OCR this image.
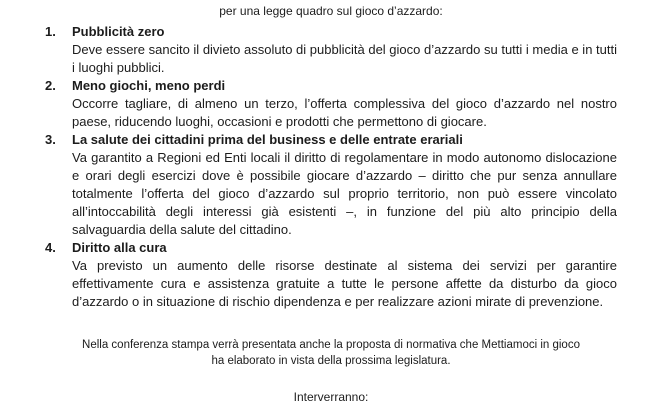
per una legge quadro sul gioco d’azzardo:
1.	Pubblicità zero
Deve essere sancito il divieto assoluto di pubblicità del gioco d’azzardo su tutti i media e in tutti i luoghi pubblici.
2.	Meno giochi, meno perdi
Occorre tagliare, di almeno un terzo, l’offerta complessiva del gioco d’azzardo nel nostro paese, riducendo luoghi, occasioni e prodotti che permettono di giocare.
3.	La salute dei cittadini prima del business e delle entrate erariali
Va garantito a Regioni ed Enti locali il diritto di regolamentare in modo autonomo dislocazione e orari degli esercizi dove è possibile giocare d’azzardo – diritto che pur senza annullare totalmente l’offerta del gioco d’azzardo sul proprio territorio, non può essere vincolato all’intoccabilità degli interessi già esistenti –, in funzione del più alto principio della salvaguardia della salute del cittadino.
4.	Diritto alla cura
Va previsto un aumento delle risorse destinate al sistema dei servizi per garantire effettivamente cura e assistenza gratuite a tutte le persone affette da disturbo da gioco d’azzardo o in situazione di rischio dipendenza e per realizzare azioni mirate di prevenzione.
Nella conferenza stampa verrà presentata anche la proposta di normativa che Mettiamoci in gioco
ha elaborato in vista della prossima legislatura.
Interverranno:
